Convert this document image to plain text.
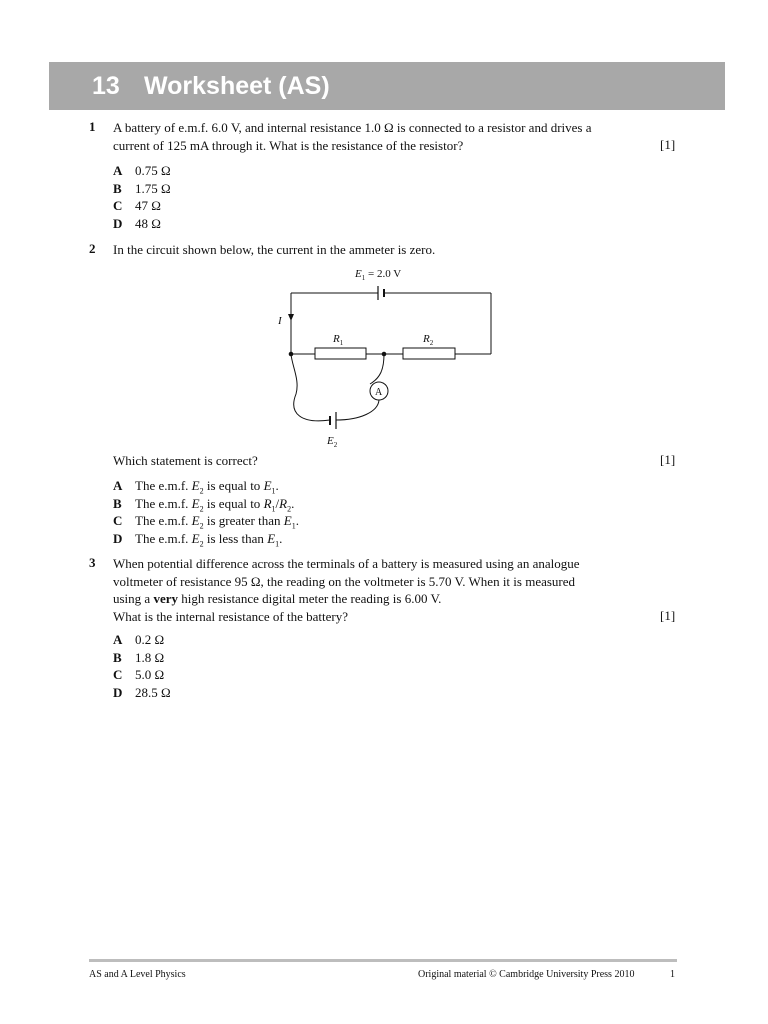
13 Worksheet (AS)
1 A battery of e.m.f. 6.0 V, and internal resistance 1.0 Ω is connected to a resistor and drives a
current of 125 mA through it. What is the resistance of the resistor?	[1]
A 0.75 Ω
B 1.75 Ω
C 47 Ω
D 48 Ω
2 In the circuit shown below, the current in the ammeter is zero.
Which statement is correct?	[1]
A The e.m.f. $E_2$ is equal to $E_1$.
B The e.m.f. $E_2$ is equal to $R_1/R_2$.
C The e.m.f. $E_2$ is greater than $E_1$.
D The e.m.f. $E_2$ is less than $E_1$.
$E_1 = 2.0$ V
I
$R_1$	$R_2$
A
$E_2$
3 When potential difference across the terminals of a battery is measured using an analogue
voltmeter of resistance 95 Ω, the reading on the voltmeter is 5.70 V. When it is measured
using a very high resistance digital meter the reading is 6.00 V.
What is the internal resistance of the battery?	[1]
A 0.2 Ω
B 1.8 Ω
C 5.0 Ω
D 28.5 Ω
AS and A Level Physics	Original material © Cambridge University Press 2010	1
